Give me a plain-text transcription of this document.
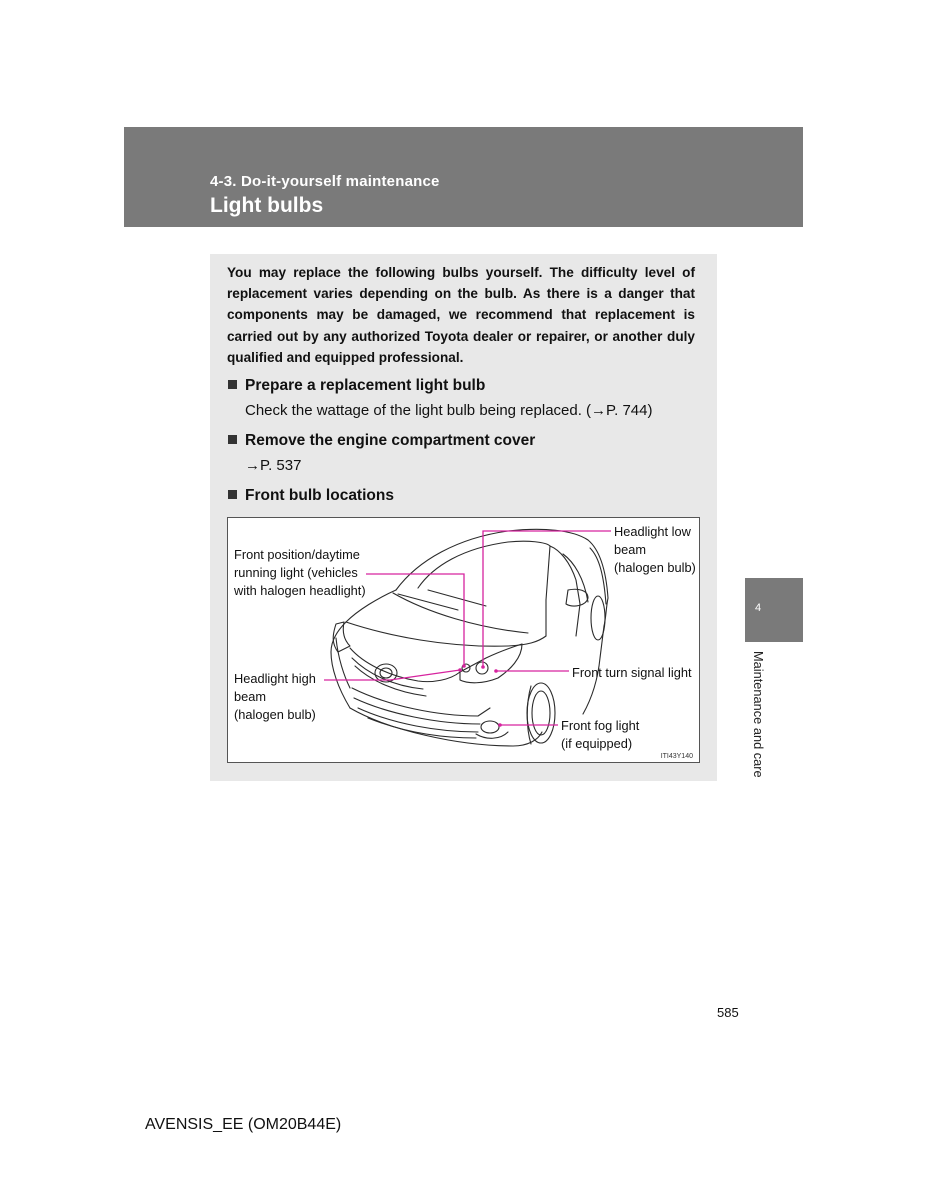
4-3. Do-it-yourself maintenance
Light bulbs
You may replace the following bulbs yourself. The difficulty level of replacement varies depending on the bulb. As there is a danger that components may be damaged, we recommend that replacement is carried out by any authorized Toyota dealer or repairer, or another duly qualified and equipped professional.
Prepare a replacement light bulb
Check the wattage of the light bulb being replaced. (→P. 744)
Remove the engine compartment cover
→P. 537
Front bulb locations
Headlight low
beam
(halogen bulb)
Front position/daytime
running light (vehicles
with halogen headlight)
Front turn signal light
Headlight high
beam
(halogen bulb)
Front fog light
(if equipped)
ITI43Y140
4
Maintenance and care
585
AVENSIS_EE (OM20B44E)
